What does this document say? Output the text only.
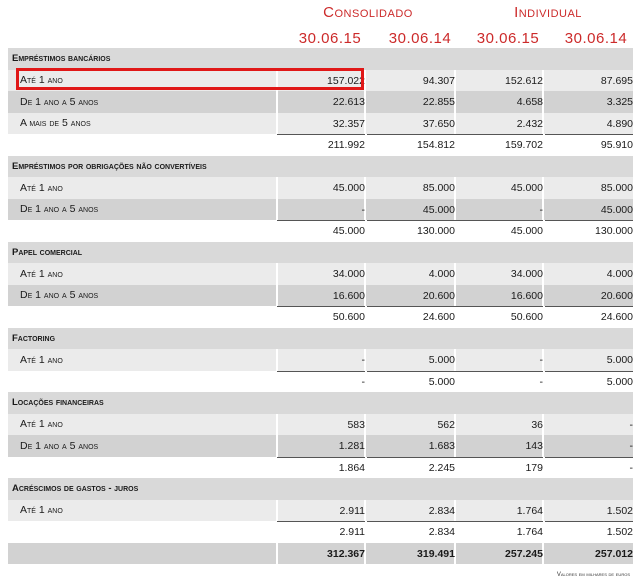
Consolidado	Individual
30.06.15	30.06.14	30.06.15	30.06.14
Empréstimos bancários
Até 1 ano	157.022	94.307	152.612	87.695
De 1 ano a 5 anos	22.613	22.855	4.658	3.325
A mais de 5 anos	32.357	37.650	2.432	4.890
211.992	154.812	159.702	95.910
Empréstimos por obrigações não convertíveis
Até 1 ano	45.000	85.000	45.000	85.000
De 1 ano a 5 anos	-	45.000	-	45.000
45.000	130.000	45.000	130.000
Papel comercial
Até 1 ano	34.000	4.000	34.000	4.000
De 1 ano a 5 anos	16.600	20.600	16.600	20.600
50.600	24.600	50.600	24.600
Factoring
Até 1 ano	-	5.000	-	5.000
-	5.000	-	5.000
Locações financeiras
Até 1 ano	583	562	36	-
De 1 ano a 5 anos	1.281	1.683	143	-
1.864	2.245	179	-
Acréscimos de gastos - juros
Até 1 ano	2.911	2.834	1.764	1.502
2.911	2.834	1.764	1.502
312.367	319.491	257.245	257.012
Valores em milhares de euros
